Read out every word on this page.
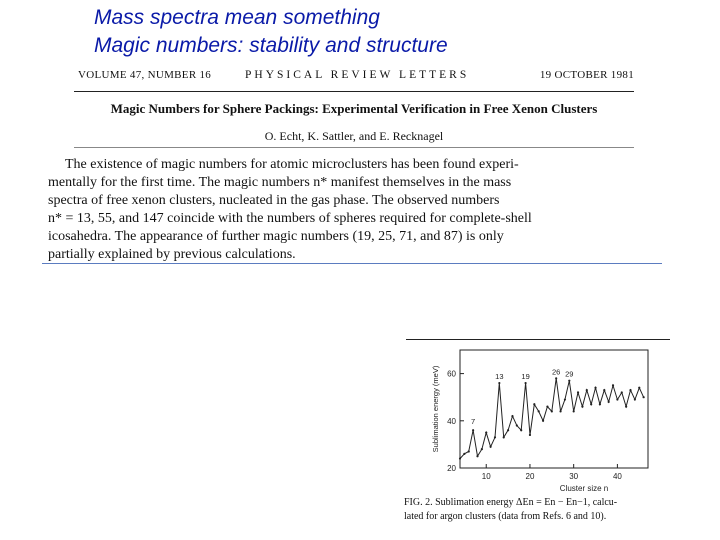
Mass spectra mean something
Magic numbers: stability and structure
VOLUME 47, NUMBER 16	PHYSICAL REVIEW LETTERS	19 OCTOBER 1981
Magic Numbers for Sphere Packings: Experimental Verification in Free Xenon Clusters
O. Echt, K. Sattler, and E. Recknagel
The existence of magic numbers for atomic microclusters has been found experi-
mentally for the first time. The magic numbers n* manifest themselves in the mass
spectra of free xenon clusters, nucleated in the gas phase. The observed numbers
n* = 13, 55, and 147 coincide with the numbers of spheres required for complete-shell
icosahedra. The appearance of further magic numbers (19, 25, 71, and 87) is only
partially explained by previous calculations.
10	20	30	40
20
40
60
Cluster size n
Sublimation energy (meV)	7
13 19
26 29
FIG. 2. Sublimation energy ΔEn = En − En−1, calcu-
lated for argon clusters (data from Refs. 6 and 10).
